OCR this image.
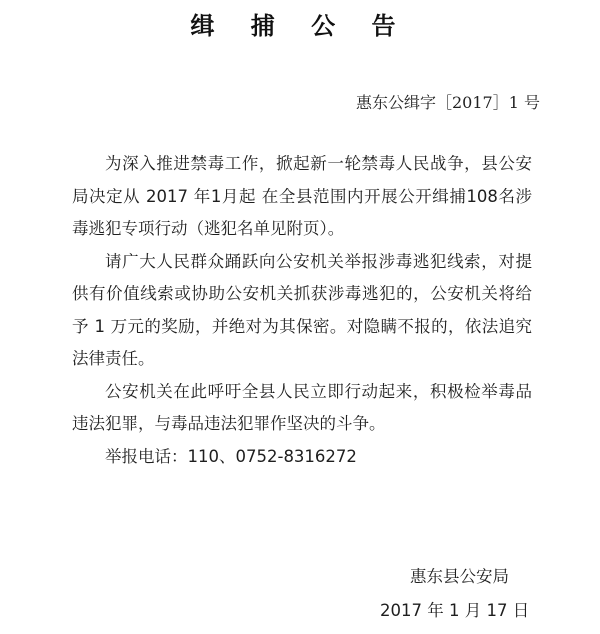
缉 捕 公 告
惠东公缉字［2017］1 号

为深入推进禁毒工作，掀起新一轮禁毒人民战争，县公安局决定从 2017 年1月起 在全县范围内开展公开缉捕108名涉毒逃犯专项行动（逃犯名单见附页）。

请广大人民群众踊跃向公安机关举报涉毒逃犯线索，对提供有价值线索或协助公安机关抓获涉毒逃犯的，公安机关将给予 1 万元的奖励，并绝对为其保密。对隐瞒不报的，依法追究法律责任。

公安机关在此呼吁全县人民立即行动起来，积极检举毒品违法犯罪，与毒品违法犯罪作坚决的斗争。

举报电话：110、0752-8316272

惠东县公安局
2017 年 1 月 17 日
